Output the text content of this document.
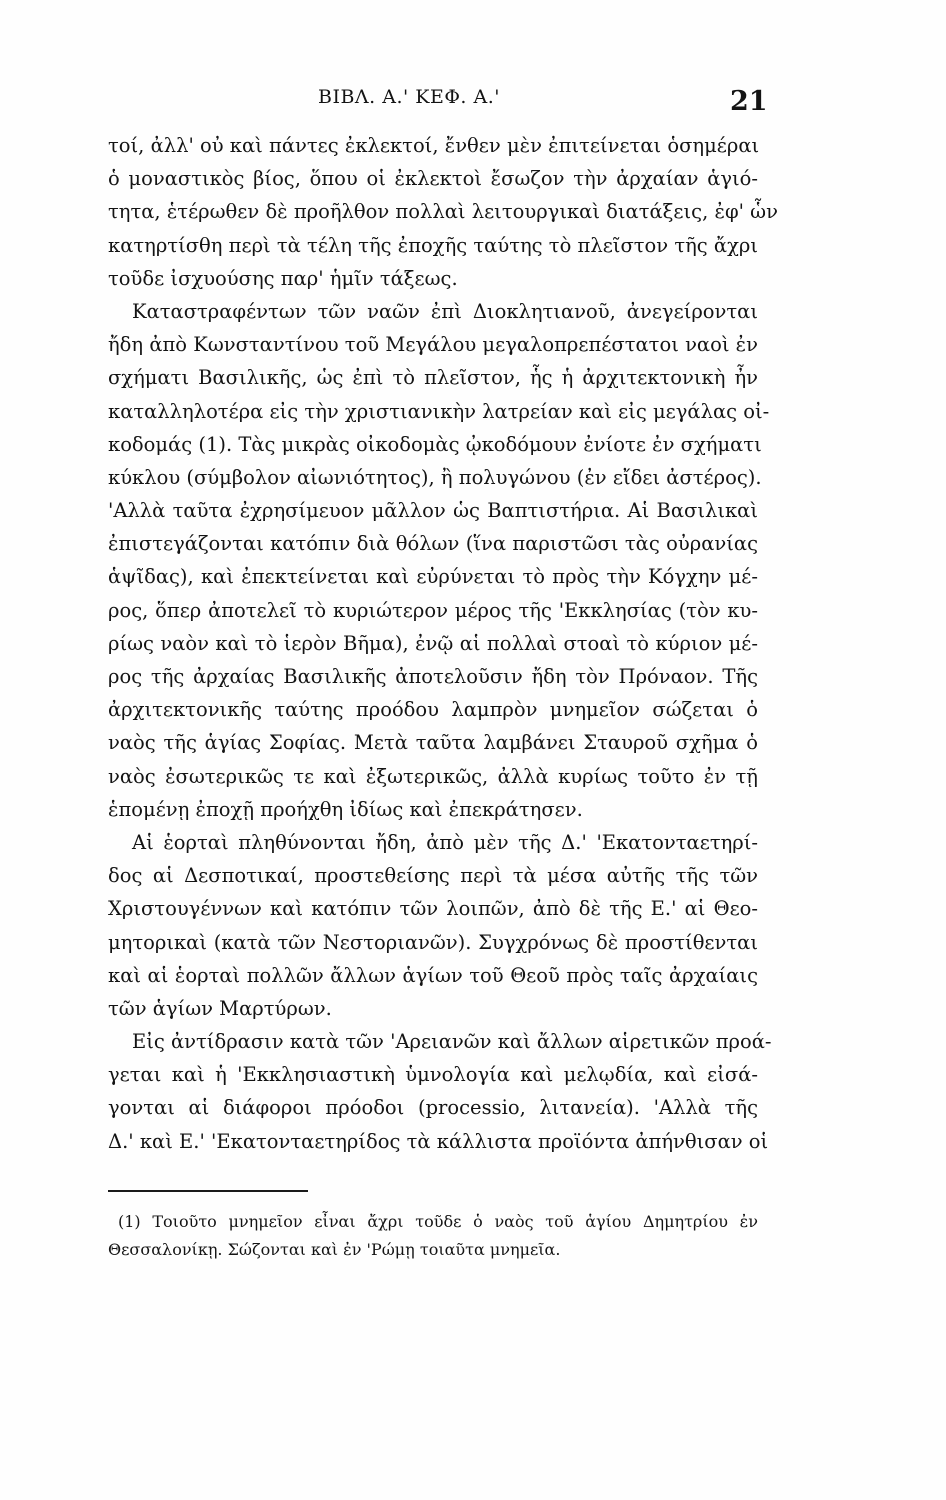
ΒΙΒΛ. Α.' ΚΕΦ. Α.'	21
τοί, ἀλλ' οὐ καὶ πάντες ἐκλεκτοί, ἔνθεν μὲν ἐπιτείνεται ὁσημέραι
ὁ μοναστικὸς βίος, ὅπου οἱ ἐκλεκτοὶ ἔσωζον τὴν ἀρχαίαν ἁγιό-
τητα, ἑτέρωθεν δὲ προῆλθον πολλαὶ λειτουργικαὶ διατάξεις, ἐφ' ὧν
κατηρτίσθη περὶ τὰ τέλη τῆς ἐποχῆς ταύτης τὸ πλεῖστον τῆς ἄχρι
τοῦδε ἰσχυούσης παρ' ἡμῖν τάξεως.
Καταστραφέντων τῶν ναῶν ἐπὶ Διοκλητιανοῦ, ἀνεγείρονται
ἤδη ἀπὸ Κωνσταντίνου τοῦ Μεγάλου μεγαλοπρεπέστατοι ναοὶ ἐν
σχήματι Βασιλικῆς, ὡς ἐπὶ τὸ πλεῖστον, ἧς ἡ ἀρχιτεκτονικὴ ἦν
καταλληλοτέρα εἰς τὴν χριστιανικὴν λατρείαν καὶ εἰς μεγάλας οἰ-
κοδομάς (1). Τὰς μικρὰς οἰκοδομὰς ᾠκοδόμουν ἐνίοτε ἐν σχήματι
κύκλου (σύμβολον αἰωνιότητος), ἢ πολυγώνου (ἐν εἴδει ἀστέρος).
'Αλλὰ ταῦτα ἐχρησίμευον μᾶλλον ὡς Βαπτιστήρια. Αἱ Βασιλικαὶ
ἐπιστεγάζονται κατόπιν διὰ θόλων (ἵνα παριστῶσι τὰς οὐρανίας
ἁψῖδας), καὶ ἐπεκτείνεται καὶ εὐρύνεται τὸ πρὸς τὴν Κόγχην μέ-
ρος, ὅπερ ἀποτελεῖ τὸ κυριώτερον μέρος τῆς 'Εκκλησίας (τὸν κυ-
ρίως ναὸν καὶ τὸ ἱερὸν Βῆμα), ἐνῷ αἱ πολλαὶ στοαὶ τὸ κύριον μέ-
ρος τῆς ἀρχαίας Βασιλικῆς ἀποτελοῦσιν ἤδη τὸν Πρόναον. Τῆς
ἀρχιτεκτονικῆς ταύτης προόδου λαμπρὸν μνημεῖον σώζεται ὁ
ναὸς τῆς ἁγίας Σοφίας. Μετὰ ταῦτα λαμβάνει Σταυροῦ σχῆμα ὁ
ναὸς ἐσωτερικῶς τε καὶ ἐξωτερικῶς, ἀλλὰ κυρίως τοῦτο ἐν τῇ
ἑπομένῃ ἐποχῇ προήχθη ἰδίως καὶ ἐπεκράτησεν.
Αἱ ἑορταὶ πληθύνονται ἤδη, ἀπὸ μὲν τῆς Δ.' 'Εκατονταετηρί-
δος αἱ Δεσποτικαί, προστεθείσης περὶ τὰ μέσα αὐτῆς τῆς τῶν
Χριστουγέννων καὶ κατόπιν τῶν λοιπῶν, ἀπὸ δὲ τῆς Ε.' αἱ Θεο-
μητορικαὶ (κατὰ τῶν Νεστοριανῶν). Συγχρόνως δὲ προστίθενται
καὶ αἱ ἑορταὶ πολλῶν ἄλλων ἁγίων τοῦ Θεοῦ πρὸς ταῖς ἀρχαίαις
τῶν ἁγίων Μαρτύρων.
Εἰς ἀντίδρασιν κατὰ τῶν 'Αρειανῶν καὶ ἄλλων αἱρετικῶν προά-
γεται καὶ ἡ 'Εκκλησιαστικὴ ὑμνολογία καὶ μελῳδία, καὶ εἰσά-
γονται αἱ διάφοροι πρόοδοι (processio, λιτανεία). 'Αλλὰ τῆς
Δ.' καὶ Ε.' 'Εκατονταετηρίδος τὰ κάλλιστα προϊόντα ἀπήνθισαν οἱ
(1) Τοιοῦτο μνημεῖον εἶναι ἄχρι τοῦδε ὁ ναὸς τοῦ ἁγίου Δημητρίου ἐν
Θεσσαλονίκῃ. Σώζονται καὶ ἐν 'Ρώμῃ τοιαῦτα μνημεῖα.
